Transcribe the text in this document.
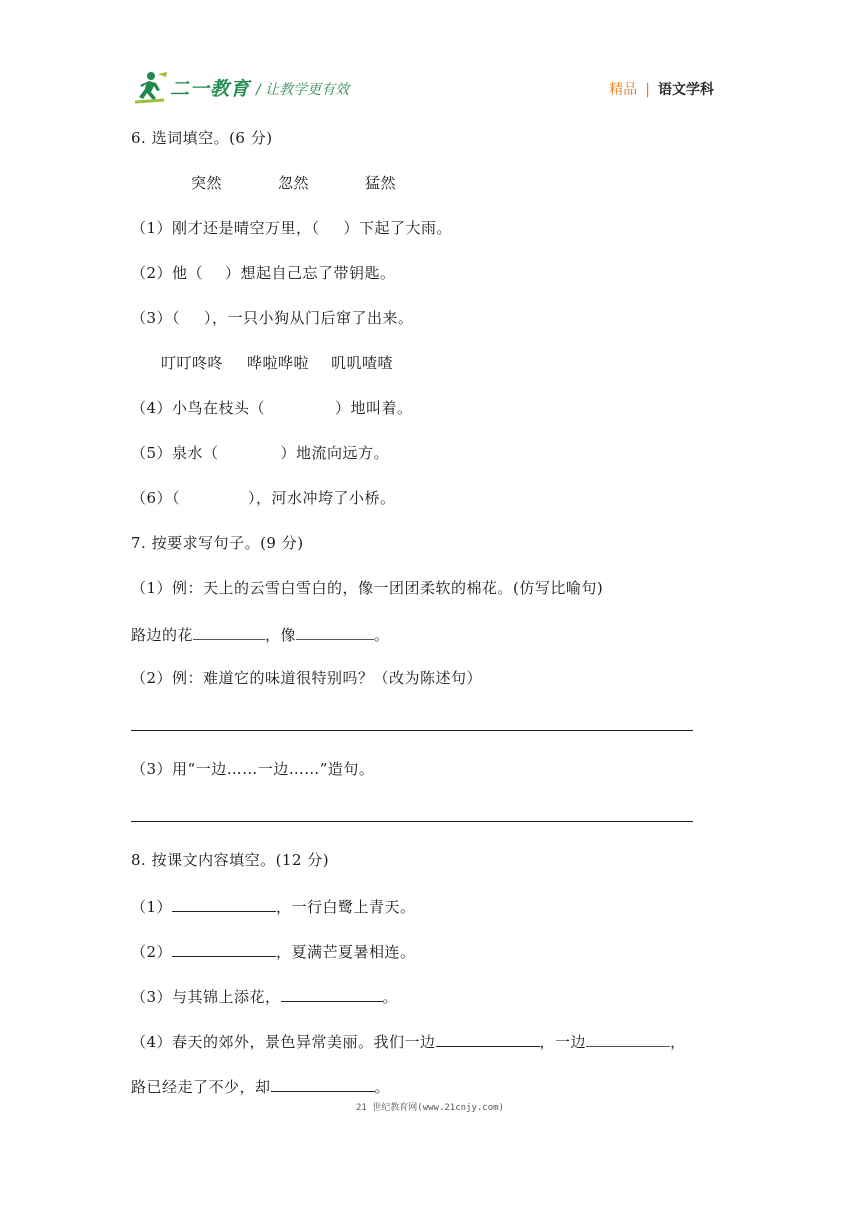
二一教育 / 让教学更有效	精品 | 语文学科
6. 选词填空。(6 分)
突然	忽然	猛然
（1）刚才还是晴空万里，（ ）下起了大雨。
（2）他（ ）想起自己忘了带钥匙。
（3）（ ），一只小狗从门后窜了出来。
叮叮咚咚 哗啦哗啦 叽叽喳喳
（4）小鸟在枝头（	）地叫着。
（5）泉水（	）地流向远方。
（6）（	），河水冲垮了小桥。
7. 按要求写句子。(9 分)
（1）例：天上的云雪白雪白的，像一团团柔软的棉花。(仿写比喻句)
路边的花	，像	。
（2）例：难道它的味道很特别吗？（改为陈述句）
（3）用“一边……一边……”造句。
8. 按课文内容填空。(12 分)
（1）	，一行白鹭上青天。
（2）	，夏满芒夏暑相连。
（3）与其锦上添花，	。
（4）春天的郊外，景色异常美丽。我们一边	，一边	，
路已经走了不少，却	。
21 世纪教育网(www.21cnjy.com)
